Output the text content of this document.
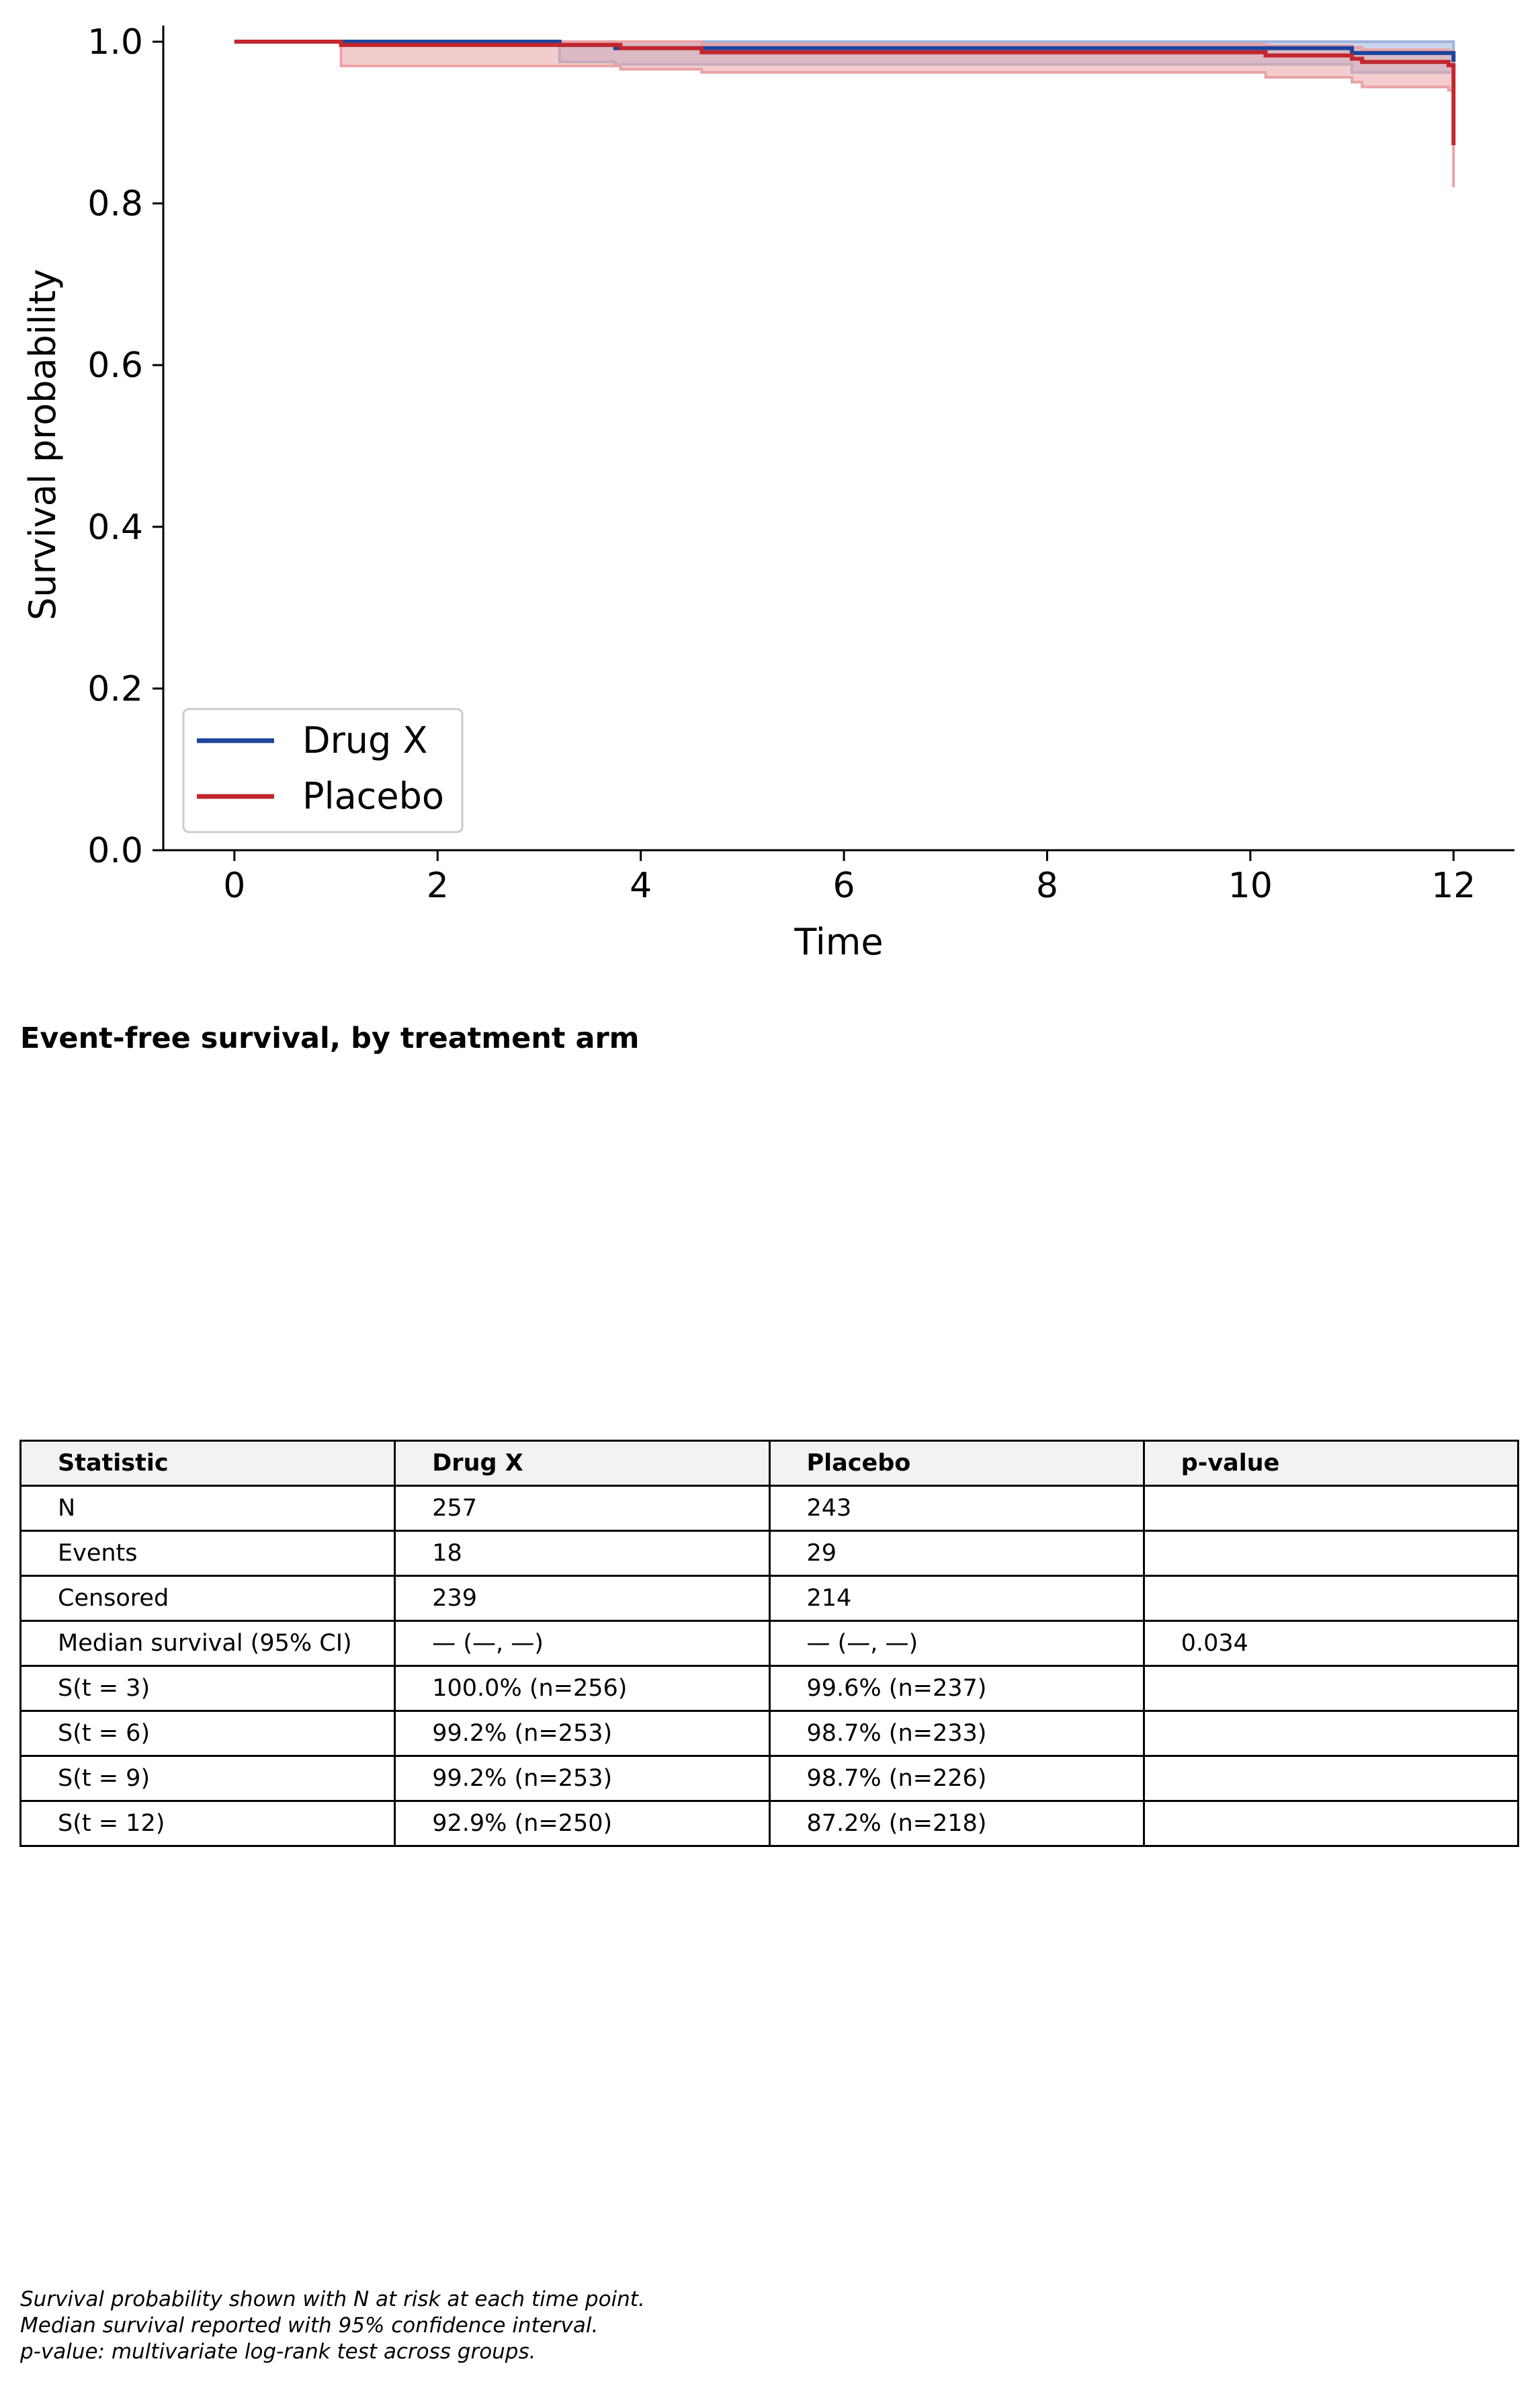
0	2	4	6	8	10	12
0.0
0.2
0.4
0.6
0.8
1.0
Time
Survival probability
Drug X
Placebo
Event-free survival, by treatment arm
Statistic	Drug X	Placebo	p-value
N	257	243	
Events	18	29	
Censored	239	214	
Median survival (95% CI)	— (—, —)	— (—, —)	0.034
S(t = 3)	100.0% (n=256)	99.6% (n=237)	
S(t = 6)	99.2% (n=253)	98.7% (n=233)	
S(t = 9)	99.2% (n=253)	98.7% (n=226)	
S(t = 12)	92.9% (n=250)	87.2% (n=218)	
Survival probability shown with N at risk at each time point.
Median survival reported with 95% confidence interval.
p-value: multivariate log-rank test across groups.
